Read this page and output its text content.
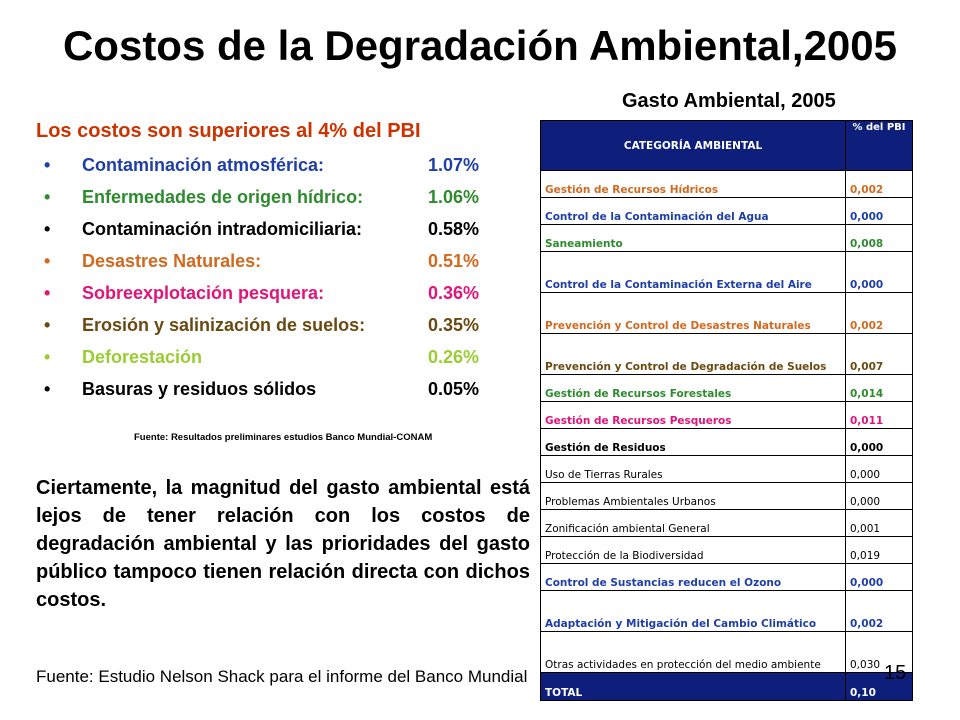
Costos de la Degradación Ambiental,2005
Los costos son superiores al 4% del PBI
• Contaminación atmosférica:	1.07%
• Enfermedades de origen hídrico:	1.06%
• Contaminación intradomiciliaria:	0.58%
• Desastres Naturales:	0.51%
• Sobreexplotación pesquera:	0.36%
• Erosión y salinización de suelos:	0.35%
• Deforestación	0.26%
• Basuras y residuos sólidos	0.05%
Fuente: Resultados preliminares estudios Banco Mundial-CONAM
Ciertamente, la magnitud del gasto ambiental está lejos de tener relación con los costos de degradación ambiental y las prioridades del gasto público tampoco tienen relación directa con dichos costos.
Fuente: Estudio Nelson Shack para el informe del Banco Mundial
Gasto Ambiental, 2005
CATEGORÍA AMBIENTAL	% del PBI
Gestión de Recursos Hídricos	0,002
Control de la Contaminación del Agua	0,000
Saneamiento	0,008
Control de la Contaminación Externa del Aire	0,000
Prevención y Control de Desastres Naturales	0,002
Prevención y Control de Degradación de Suelos	0,007
Gestión de Recursos Forestales	0,014
Gestión de Recursos Pesqueros	0,011
Gestión de Residuos	0,000
Uso de Tierras Rurales	0,000
Problemas Ambientales Urbanos	0,000
Zonificación ambiental General	0,001
Protección de la Biodiversidad	0,019
Control de Sustancias reducen el Ozono	0,000
Adaptación y Mitigación del Cambio Climático	0,002
Otras actividades en protección del medio ambiente	0,030
TOTAL	0,10
15
